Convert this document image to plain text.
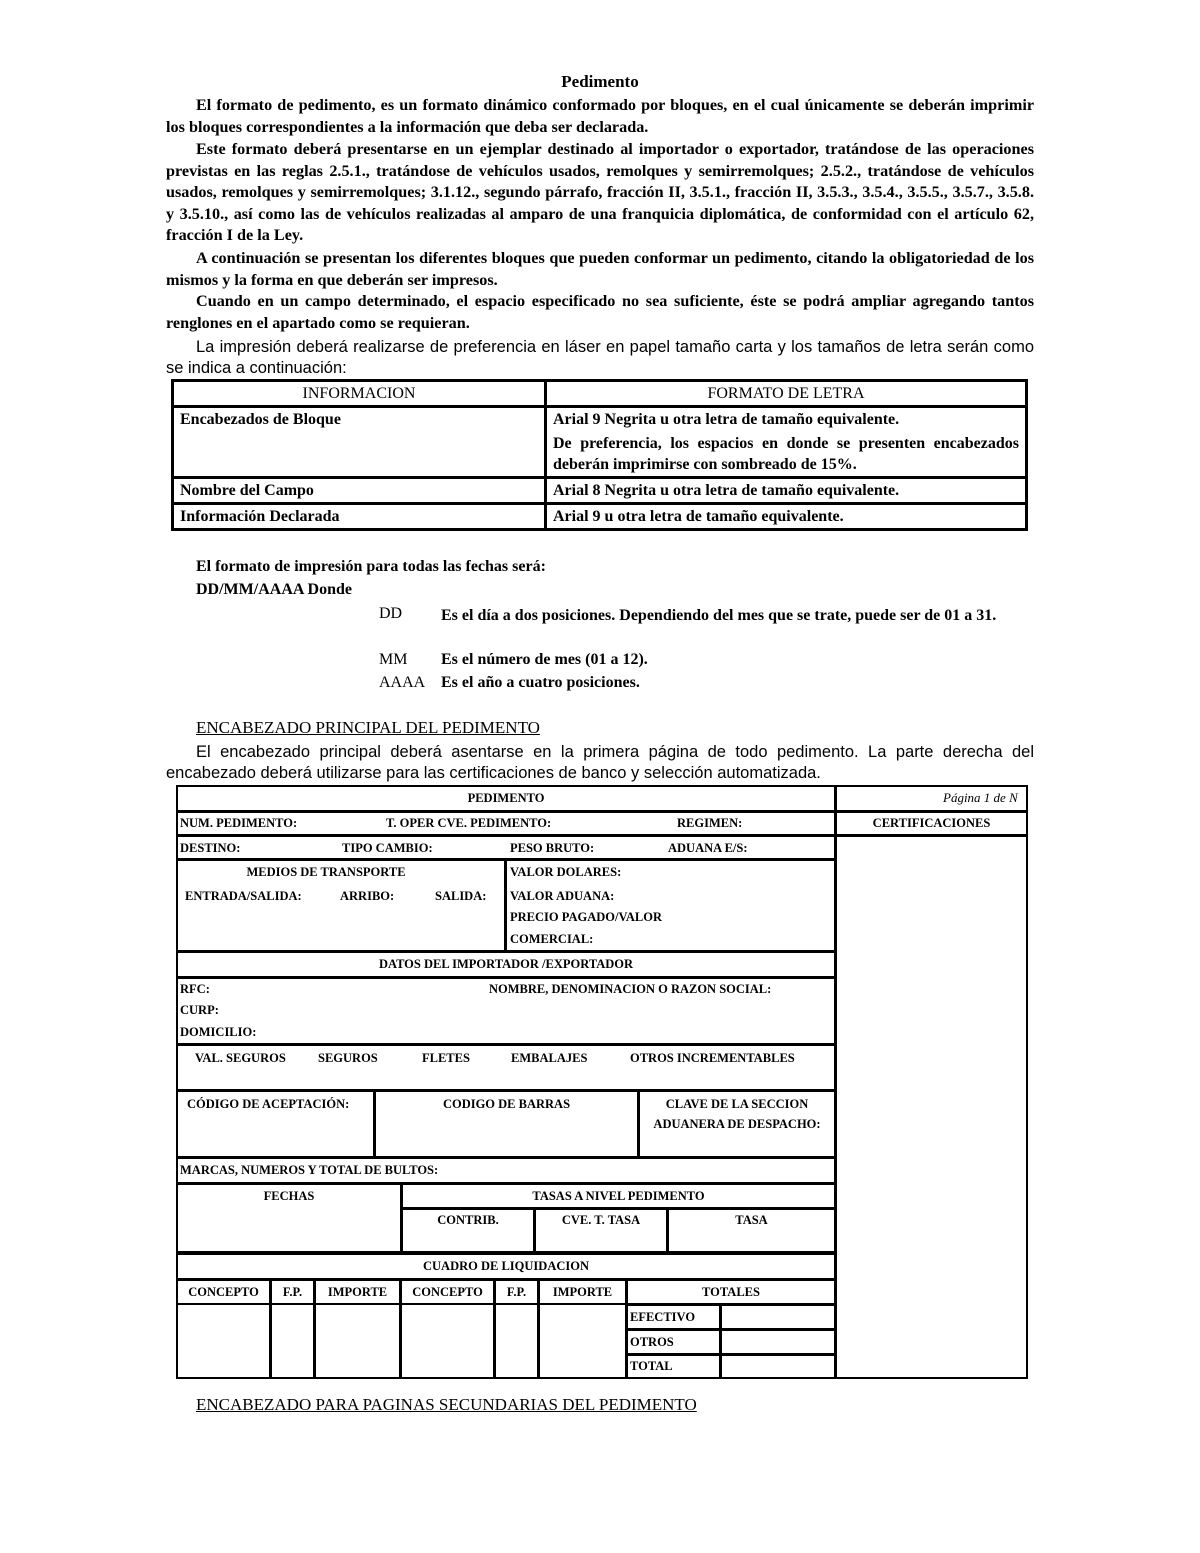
Pedimento

El formato de pedimento, es un formato dinámico conformado por bloques, en el cual únicamente se deberán imprimir los bloques correspondientes a la información que deba ser declarada.

Este formato deberá presentarse en un ejemplar destinado al importador o exportador, tratándose de las operaciones previstas en las reglas 2.5.1., tratándose de vehículos usados, remolques y semirremolques; 2.5.2., tratándose de vehículos usados, remolques y semirremolques; 3.1.12., segundo párrafo, fracción II, 3.5.1., fracción II, 3.5.3., 3.5.4., 3.5.5., 3.5.7., 3.5.8. y 3.5.10., así como las de vehículos realizadas al amparo de una franquicia diplomática, de conformidad con el artículo 62, fracción I de la Ley.

A continuación se presentan los diferentes bloques que pueden conformar un pedimento, citando la obligatoriedad de los mismos y la forma en que deberán ser impresos.

Cuando en un campo determinado, el espacio especificado no sea suficiente, éste se podrá ampliar agregando tantos renglones en el apartado como se requieran.

La impresión deberá realizarse de preferencia en láser en papel tamaño carta y los tamaños de letra serán como se indica a continuación:

INFORMACION	FORMATO DE LETRA
Encabezados de Bloque	Arial 9 Negrita u otra letra de tamaño equivalente.
De preferencia, los espacios en donde se presenten encabezados deberán imprimirse con sombreado de 15%.

Nombre del Campo	Arial 8 Negrita u otra letra de tamaño equivalente.
Información Declarada	Arial 9 u otra letra de tamaño equivalente.
El formato de impresión para todas las fechas será:
DD/MM/AAAA Donde
DD Es el día a dos posiciones. Dependiendo del mes que se trate, puede ser de 01 a 31.
MM Es el número de mes (01 a 12).
AAAA Es el año a cuatro posiciones.
ENCABEZADO PRINCIPAL DEL PEDIMENTO

El encabezado principal deberá asentarse en la primera página de todo pedimento. La parte derecha del encabezado deberá utilizarse para las certificaciones de banco y selección automatizada.

PEDIMENTO	Página 1 de N
NUM. PEDIMENTO:	T. OPER CVE. PEDIMENTO:	REGIMEN:	CERTIFICACIONES
DESTINO:	TIPO CAMBIO:	PESO BRUTO:	ADUANA E/S:
MEDIOS DE TRANSPORTE
ENTRADA/SALIDA:	ARRIBO:	SALIDA:
VALOR DOLARES:
VALOR ADUANA:
PRECIO PAGADO/VALOR
COMERCIAL:
DATOS DEL IMPORTADOR /EXPORTADOR
RFC:	NOMBRE, DENOMINACION O RAZON SOCIAL:
CURP:
DOMICILIO:
VAL. SEGUROS	SEGUROS	FLETES	EMBALAJES	OTROS INCREMENTABLES
CÓDIGO DE ACEPTACIÓN:	CODIGO DE BARRAS	CLAVE DE LA SECCION
ADUANERA DE DESPACHO:
MARCAS, NUMEROS Y TOTAL DE BULTOS:
FECHAS	TASAS A NIVEL PEDIMENTO
CONTRIB.	CVE. T. TASA	TASA
CUADRO DE LIQUIDACION
CONCEPTO	F.P.	IMPORTE	CONCEPTO	F.P.	IMPORTE	TOTALES
EFECTIVO
OTROS
TOTAL
ENCABEZADO PARA PAGINAS SECUNDARIAS DEL PEDIMENTO
